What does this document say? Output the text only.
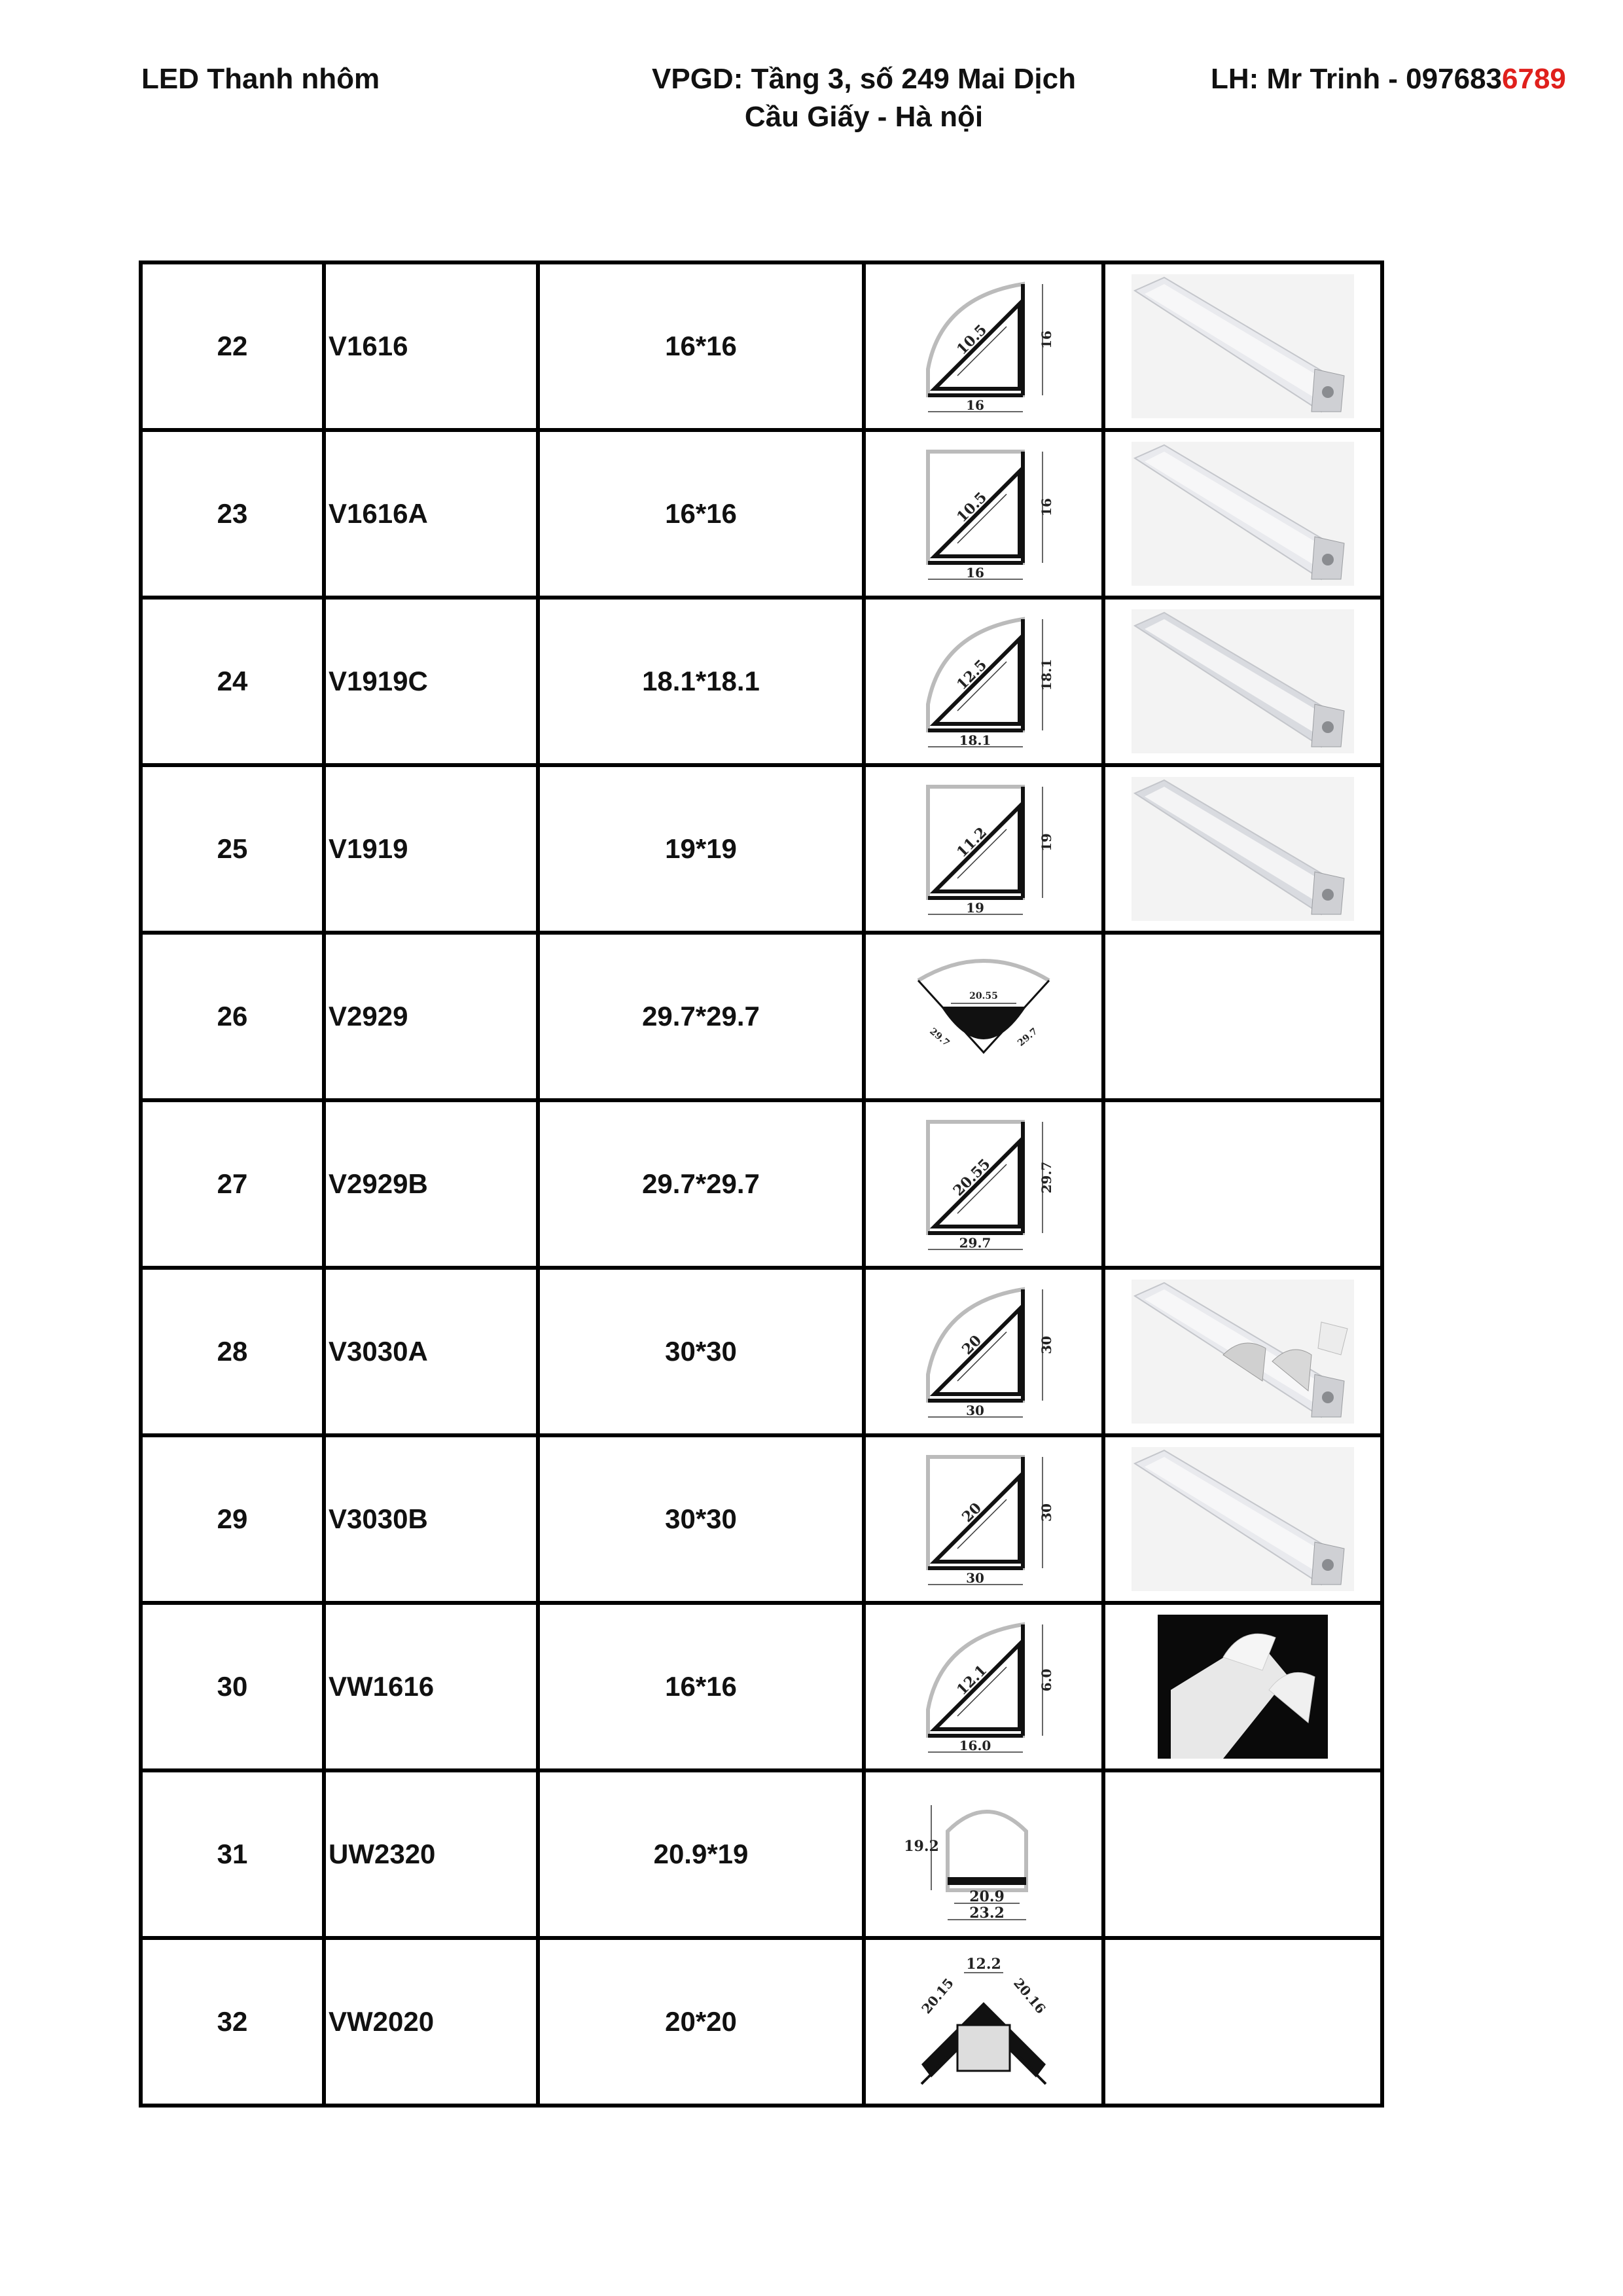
LED Thanh nhôm	VPGD: Tầng 3, số 249 Mai Dịch
Cầu Giấy - Hà nội
LH: Mr Trinh - 0976836789
22	V1616	16*16	10.5 16
16

23	V1616A	16*16	10.5 16
16

24	V1919C	18.1*18.1	12.5 18.1
18.1

25	V1919	19*19	11.2 19
19

26	V2929	29.7*29.7	20.55
29.7 29.7	

27	V2929B	29.7*29.7	20.55 29.7
29.7	

28	V3030A	30*30	20 30
30

29	V3030B	30*30	20 30
30

30	VW1616	16*16	12.1 6.0
16.0

31	UW2320	20.9*19	19.2
20.9
23.2	

32	VW2020	20*20	12.2
20.15 20.16	
